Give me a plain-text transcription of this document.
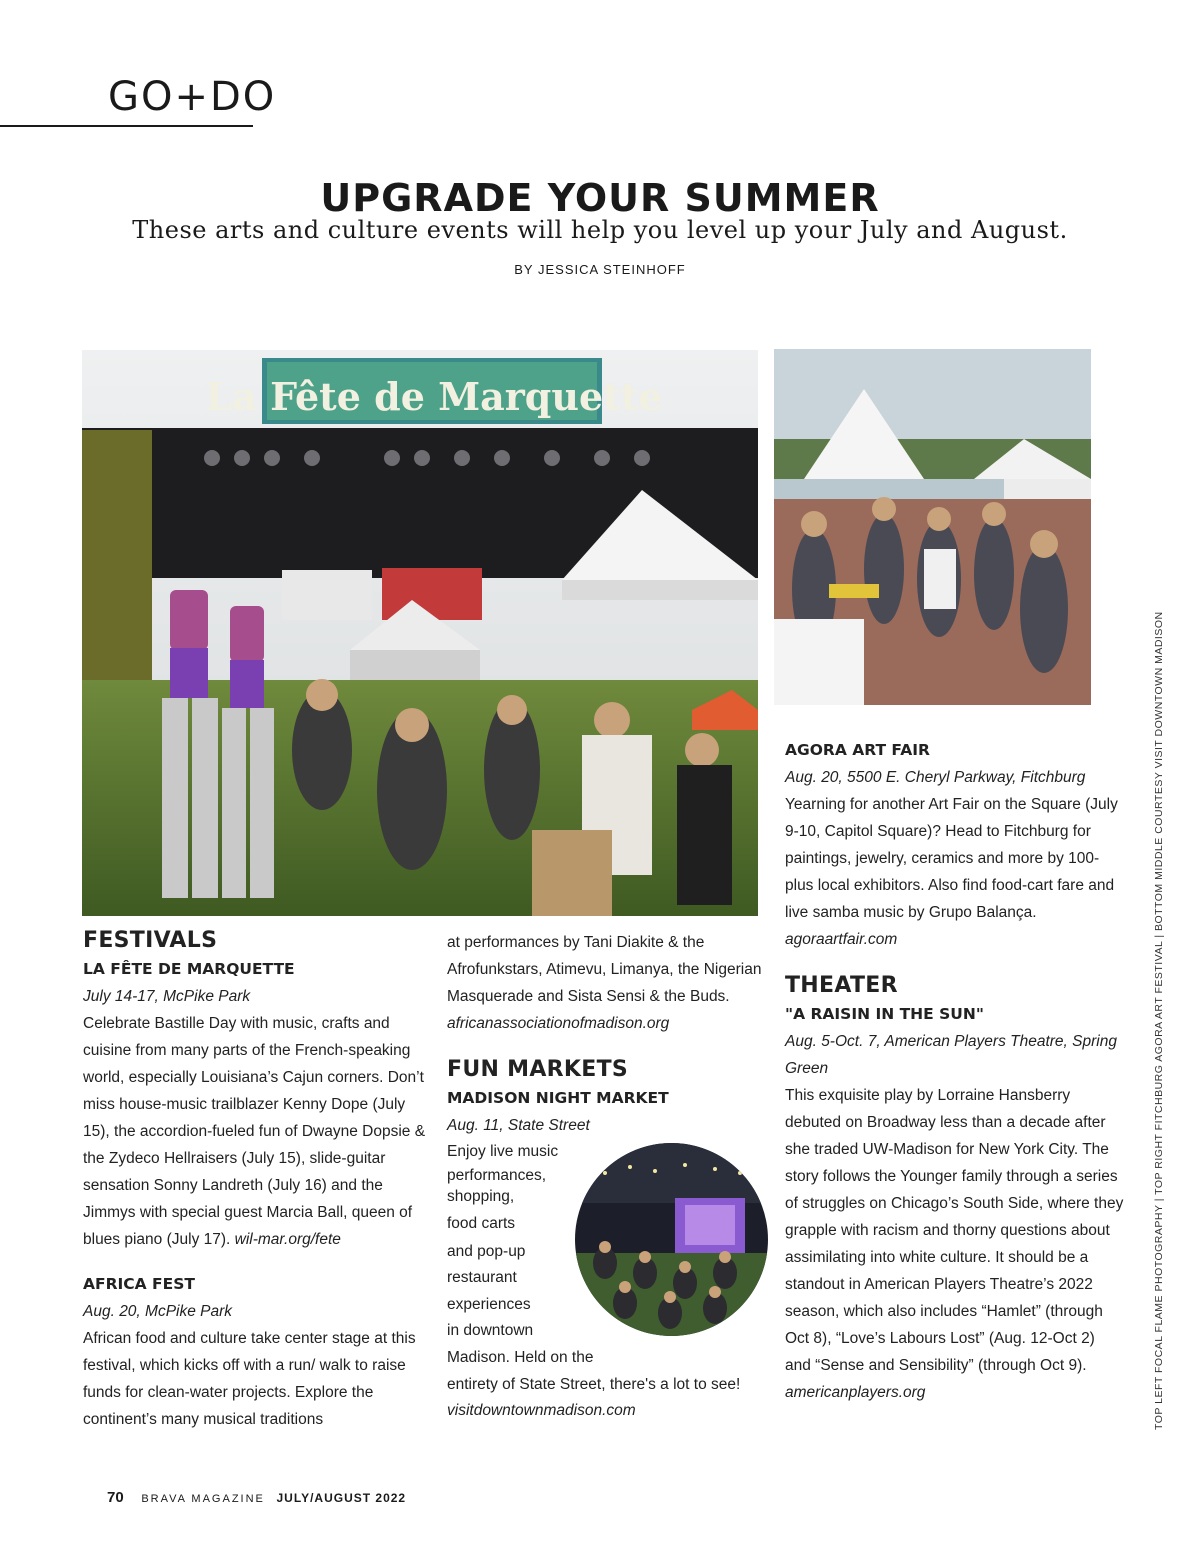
GO+DO
UPGRADE YOUR SUMMER
These arts and culture events will help you level up your July and August.
BY JESSICA STEINHOFF
La Fête de Marquette
FESTIVALS
LA FÊTE DE MARQUETTE
July 14-17, McPike Park

Celebrate Bastille Day with music, crafts and cuisine from many parts of the French-speaking world, especially Louisiana’s Cajun corners. Don’t miss house-music trailblazer Kenny Dope (July 15), the accordion-fueled fun of Dwayne Dopsie & the Zydeco Hellraisers (July 15), slide-guitar sensation Sonny Landreth (July 16) and the Jimmys with special guest Marcia Ball, queen of blues piano (July 17). wil-mar.org/fete

AFRICA FEST
Aug. 20, McPike Park

African food and culture take center stage at this festival, which kicks off with a run/ walk to raise funds for clean-water projects. Explore the continent’s many musical traditions

at performances by Tani Diakite & the Afrofunkstars, Atimevu, Limanya, the Nigerian Masquerade and Sista Sensi & the Buds. africanassociationofmadison.org

FUN MARKETS
MADISON NIGHT MARKET
Aug. 11, State Street
Enjoy live music
performances,
shopping,
food carts
and pop-up
restaurant
experiences
in downtown
Madison. Held on the
entirety of State Street, there's a lot to see!
visitdowntownmadison.com
AGORA ART FAIR
Aug. 20, 5500 E. Cheryl Parkway, Fitchburg

Yearning for another Art Fair on the Square (July 9-10, Capitol Square)? Head to Fitchburg for paintings, jewelry, ceramics and more by 100-plus local exhibitors. Also find food-cart fare and live samba music by Grupo Balança.

agoraartfair.com
THEATER
"A RAISIN IN THE SUN"
Aug. 5-Oct. 7, American Players Theatre, Spring Green

This exquisite play by Lorraine Hansberry debuted on Broadway less than a decade after she traded UW-Madison for New York City. The story follows the Younger family through a series of struggles on Chicago’s South Side, where they grapple with racism and thorny questions about assimilating into white culture. It should be a standout in American Players Theatre’s 2022 season, which also includes “Hamlet” (through Oct 8), “Love’s Labours Lost” (Aug. 12-Oct 2) and “Sense and Sensibility” (through Oct 9).

americanplayers.org	TOP LEFT FOCAL FLAME PHOTOGRAPHY | TOP RIGHT FITCHBURG AGORA ART FESTIVAL | BOTTOM MIDDLE COURTESY VISIT DOWNTOWN MADISON
70 BRAVA MAGAZINE JULY/AUGUST 2022
